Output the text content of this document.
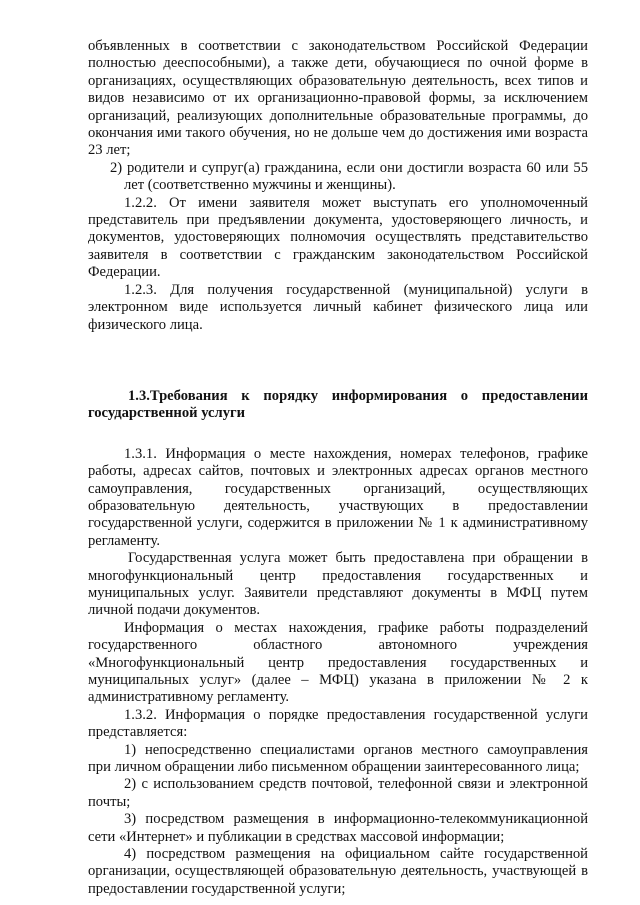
объявленных в соответствии с законодательством Российской Федерации полностью дееспособными), а также дети, обучающиеся по очной форме в организациях, осуществляющих образовательную деятельность, всех типов и видов независимо от их организационно-правовой формы, за исключением организаций, реализующих дополнительные образовательные программы, до окончания ими такого обучения, но не дольше чем до достижения ими возраста 23 лет;

2) родители и супруг(а) гражданина, если они достигли возраста 60 или 55 лет (соответственно мужчины и женщины).

1.2.2. От имени заявителя может выступать его уполномоченный представитель при предъявлении документа, удостоверяющего личность, и документов, удостоверяющих полномочия осуществлять представительство заявителя в соответствии с гражданским законодательством Российской Федерации.

1.2.3. Для получения государственной (муниципальной) услуги в электронном виде используется личный кабинет физического лица или физического лица.

1.3.Требования к порядку информирования о предоставлении государственной услуги

1.3.1. Информация о месте нахождения, номерах телефонов, графике работы, адресах сайтов, почтовых и электронных адресах органов местного самоуправления, государственных организаций, осуществляющих образовательную деятельность, участвующих в предоставлении государственной услуги, содержится в приложении № 1 к административному регламенту.

Государственная услуга может быть предоставлена при обращении в многофункциональный центр предоставления государственных и муниципальных услуг. Заявители представляют документы в МФЦ путем личной подачи документов.

Информация о местах нахождения, графике работы подразделений государственного областного автономного учреждения «Многофункциональный центр предоставления государственных и муниципальных услуг» (далее – МФЦ) указана в приложении № 2 к административному регламенту.

1.3.2. Информация о порядке предоставления государственной услуги представляется:

1) непосредственно специалистами органов местного самоуправления при личном обращении либо письменном обращении заинтересованного лица;

2) с использованием средств почтовой, телефонной связи и электронной почты;

3) посредством размещения в информационно-телекоммуникационной сети «Интернет» и публикации в средствах массовой информации;

4) посредством размещения на официальном сайте государственной организации, осуществляющей образовательную деятельность, участвующей в предоставлении государственной услуги;
